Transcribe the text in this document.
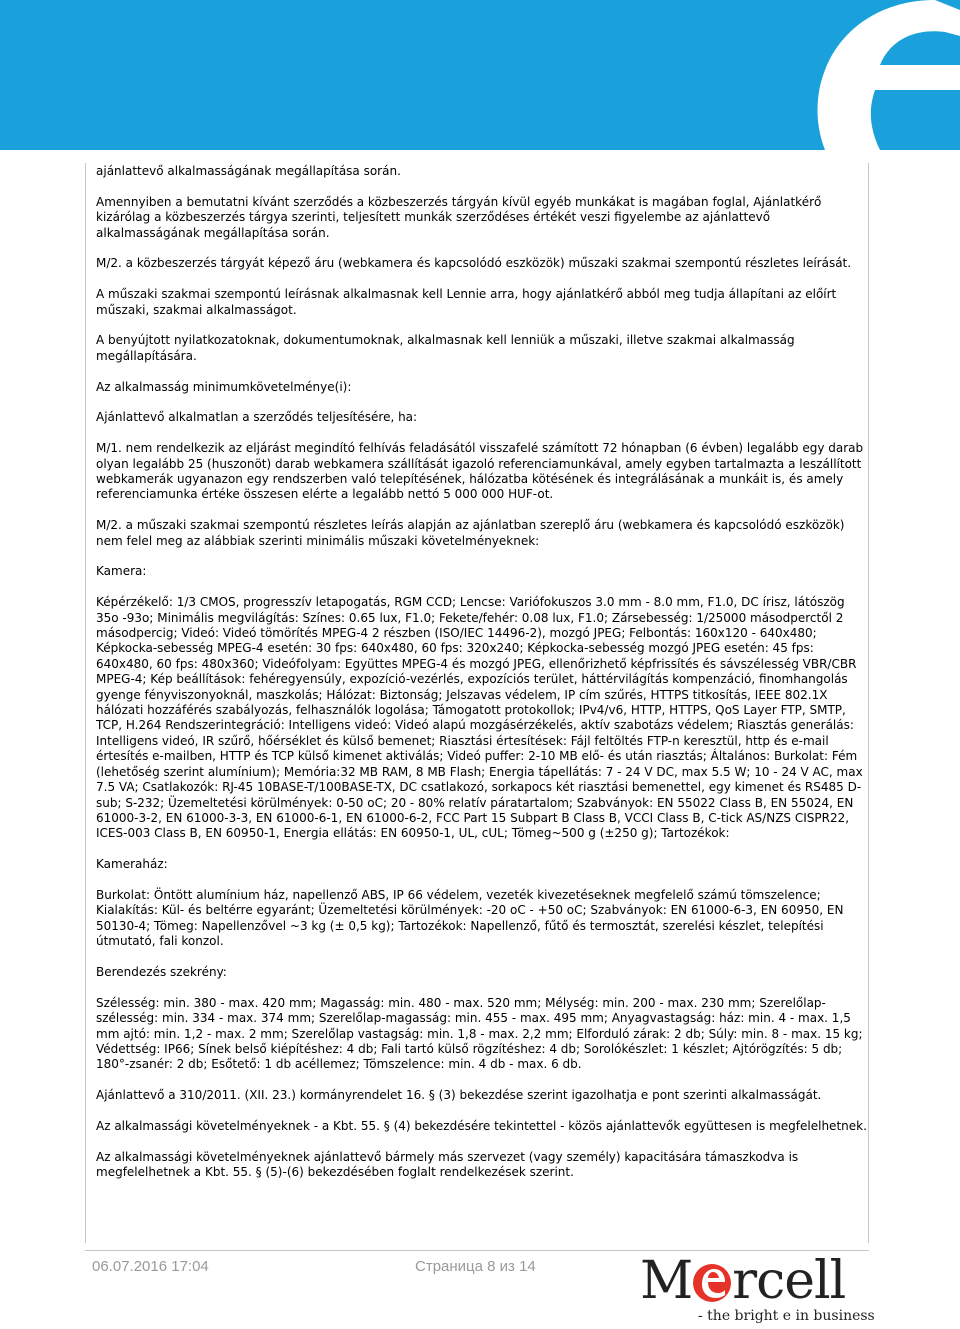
ajánlattevő alkalmasságának megállapítása során.

Amennyiben a bemutatni kívánt szerződés a közbeszerzés tárgyán kívül egyéb munkákat is magában foglal, Ajánlatkérő kizárólag a közbeszerzés tárgya szerinti, teljesített munkák szerződéses értékét veszi figyelembe az ajánlattevő alkalmasságának megállapítása során.

M/2. a közbeszerzés tárgyát képező áru (webkamera és kapcsolódó eszközök) műszaki szakmai szempontú részletes leírását.

A műszaki szakmai szempontú leírásnak alkalmasnak kell Lennie arra, hogy ajánlatkérő abból meg tudja állapítani az előírt műszaki, szakmai alkalmasságot.

A benyújtott nyilatkozatoknak, dokumentumoknak, alkalmasnak kell lenniük a műszaki, illetve szakmai alkalmasság megállapítására.

Az alkalmasság minimumkövetelménye(i):

Ajánlattevő alkalmatlan a szerződés teljesítésére, ha:

M/1. nem rendelkezik az eljárást megindító felhívás feladásától visszafelé számított 72 hónapban (6 évben) legalább egy darab olyan legalább 25 (huszonöt) darab webkamera szállítását igazoló referenciamunkával, amely egyben tartalmazta a leszállított webkamerák ugyanazon egy rendszerben való telepítésének, hálózatba kötésének és integrálásának a munkáit is, és amely referenciamunka értéke összesen elérte a legalább nettó 5 000 000 HUF-ot.

M/2. a műszaki szakmai szempontú részletes leírás alapján az ajánlatban szereplő áru (webkamera és kapcsolódó eszközök) nem felel meg az alábbiak szerinti minimális műszaki követelményeknek:

Kamera:

Képérzékelő: 1/3 CMOS, progresszív letapogatás, RGM CCD; Lencse: Variófokuszos 3.0 mm - 8.0 mm, F1.0, DC írisz, látószög 35o -93o; Minimális megvilágítás: Színes: 0.65 lux, F1.0; Fekete/fehér: 0.08 lux, F1.0; Zársebesség: 1/25000 másodperctől 2 másodpercig; Videó: Videó tömörítés MPEG-4 2 részben (ISO/IEC 14496-2), mozgó JPEG; Felbontás: 160x120 - 640x480; Képkocka-sebesség MPEG-4 esetén: 30 fps: 640x480, 60 fps: 320x240; Képkocka-sebesség mozgó JPEG esetén: 45 fps: 640x480, 60 fps: 480x360; Videófolyam: Együttes MPEG-4 és mozgó JPEG, ellenőrizhető képfrissítés és sávszélesség VBR/CBR MPEG-4; Kép beállítások: fehéregyensúly, expozíció-vezérlés, expozíciós terület, háttérvilágítás kompenzáció, finomhangolás gyenge fényviszonyoknál, maszkolás; Hálózat: Biztonság; Jelszavas védelem, IP cím szűrés, HTTPS titkosítás, IEEE 802.1X hálózati hozzáférés szabályozás, felhasználók logolása; Támogatott protokollok; IPv4/v6, HTTP, HTTPS, QoS Layer FTP, SMTP, TCP, H.264 Rendszerintegráció: Intelligens videó: Videó alapú mozgásérzékelés, aktív szabotázs védelem; Riasztás generálás: Intelligens videó, IR szűrő, hőérséklet és külső bemenet; Riasztási értesítések: Fájl feltöltés FTP-n keresztül, http és e-mail értesítés e-mailben, HTTP és TCP külső kimenet aktiválás; Videó puffer: 2-10 MB elő- és után riasztás; Általános: Burkolat: Fém (lehetőség szerint alumínium); Memória:32 MB RAM, 8 MB Flash; Energia tápellátás: 7 - 24 V DC, max 5.5 W; 10 - 24 V AC, max 7.5 VA; Csatlakozók: RJ-45 10BASE-T/100BASE-TX, DC csatlakozó, sorkapocs két riasztási bemenettel, egy kimenet és RS485 D-sub; S-232; Üzemeltetési körülmények: 0-50 oC; 20 - 80% relatív páratartalom; Szabványok: EN 55022 Class B, EN 55024, EN 61000-3-2, EN 61000-3-3, EN 61000-6-1, EN 61000-6-2, FCC Part 15 Subpart B Class B, VCCI Class B, C-tick AS/NZS CISPR22, ICES-003 Class B, EN 60950-1, Energia ellátás: EN 60950-1, UL, cUL; Tömeg~500 g (±250 g); Tartozékok:

Kameraház:

Burkolat: Öntött alumínium ház, napellenző ABS, IP 66 védelem, vezeték kivezetéseknek megfelelő számú tömszelence; Kialakítás: Kül- és beltérre egyaránt; Üzemeltetési körülmények: -20 oC - +50 oC; Szabványok: EN 61000-6-3, EN 60950, EN 50130-4; Tömeg: Napellenzővel ~3 kg (± 0,5 kg); Tartozékok: Napellenző, fűtő és termosztát, szerelési készlet, telepítési útmutató, fali konzol.

Berendezés szekrény:

Szélesség: min. 380 - max. 420 mm; Magasság: min. 480 - max. 520 mm; Mélység: min. 200 - max. 230 mm; Szerelőlap-szélesség: min. 334 - max. 374 mm; Szerelőlap-magasság: min. 455 - max. 495 mm; Anyagvastagság: ház: min. 4 - max. 1,5 mm ajtó: min. 1,2 - max. 2 mm; Szerelőlap vastagság: min. 1,8 - max. 2,2 mm; Elforduló zárak: 2 db; Súly: min. 8 - max. 15 kg; Védettség: IP66; Sínek belső kiépítéshez: 4 db; Fali tartó külső rögzítéshez: 4 db; Sorolókészlet: 1 készlet; Ajtórögzítés: 5 db; 180°-zsanér: 2 db; Esőtető: 1 db acéllemez; Tömszelence: min. 4 db - max. 6 db.

Ajánlattevő a 310/2011. (XII. 23.) kormányrendelet 16. § (3) bekezdése szerint igazolhatja e pont szerinti alkalmasságát.

Az alkalmassági követelményeknek - a Kbt. 55. § (4) bekezdésére tekintettel - közös ajánlattevők együttesen is megfelelhetnek.

Az alkalmassági követelményeknek ajánlattevő bármely más szervezet (vagy személy) kapacitására támaszkodva is megfelelhetnek a Kbt. 55. § (5)-(6) bekezdésében foglalt rendelkezések szerint.

06.07.2016 17:04	Страница 8 из 14 M rcell
- the bright e in business
